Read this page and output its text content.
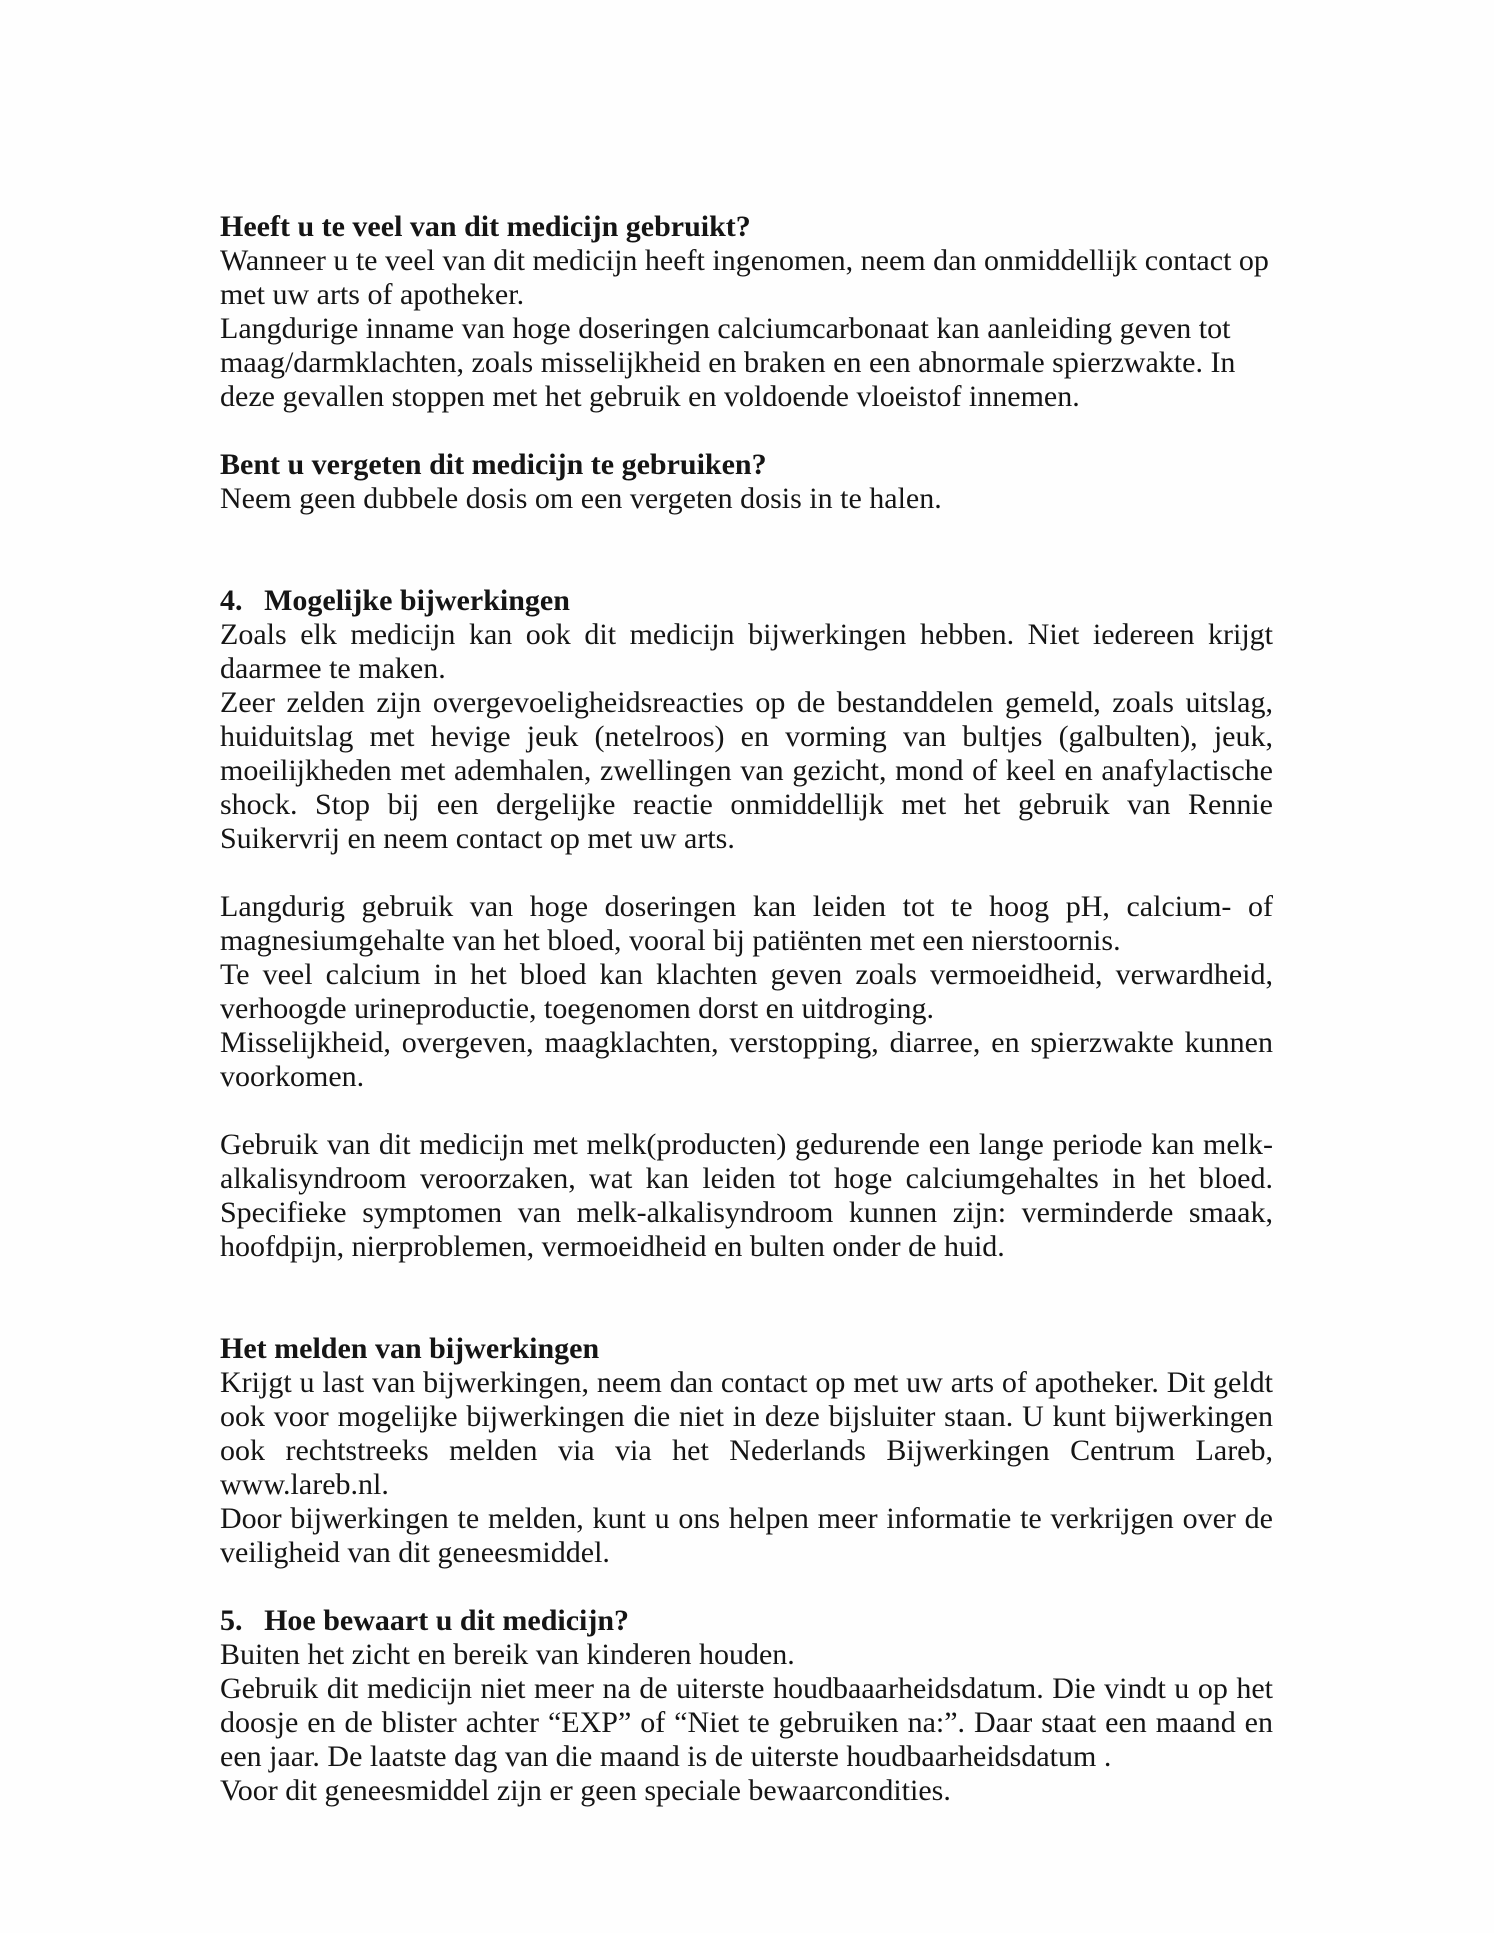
Heeft u te veel van dit medicijn gebruikt?

Wanneer u te veel van dit medicijn heeft ingenomen, neem dan onmiddellijk contact op met uw arts of apotheker.

Langdurige inname van hoge doseringen calciumcarbonaat kan aanleiding geven tot maag/darmklachten, zoals misselijkheid en braken en een abnormale spierzwakte. In deze gevallen stoppen met het gebruik en voldoende vloeistof innemen.

Bent u vergeten dit medicijn te gebruiken?

Neem geen dubbele dosis om een vergeten dosis in te halen.

4. Mogelijke bijwerkingen

Zoals elk medicijn kan ook dit medicijn bijwerkingen hebben. Niet iedereen krijgt daarmee te maken.

Zeer zelden zijn overgevoeligheidsreacties op de bestanddelen gemeld, zoals uitslag, huiduitslag met hevige jeuk (netelroos) en vorming van bultjes (galbulten), jeuk, moeilijkheden met ademhalen, zwellingen van gezicht, mond of keel en anafylactische shock. Stop bij een dergelijke reactie onmiddellijk met het gebruik van Rennie Suikervrij en neem contact op met uw arts.

Langdurig gebruik van hoge doseringen kan leiden tot te hoog pH, calcium- of magnesiumgehalte van het bloed, vooral bij patiënten met een nierstoornis.

Te veel calcium in het bloed kan klachten geven zoals vermoeidheid, verwardheid, verhoogde urineproductie, toegenomen dorst en uitdroging.

Misselijkheid, overgeven, maagklachten, verstopping, diarree, en spierzwakte kunnen voorkomen.

Gebruik van dit medicijn met melk(producten) gedurende een lange periode kan melk-alkalisyndroom veroorzaken, wat kan leiden tot hoge calciumgehaltes in het bloed. Specifieke symptomen van melk-alkalisyndroom kunnen zijn: verminderde smaak, hoofdpijn, nierproblemen, vermoeidheid en bulten onder de huid.

Het melden van bijwerkingen

Krijgt u last van bijwerkingen, neem dan contact op met uw arts of apotheker. Dit geldt ook voor mogelijke bijwerkingen die niet in deze bijsluiter staan. U kunt bijwerkingen ook rechtstreeks melden via via het Nederlands Bijwerkingen Centrum Lareb, www.lareb.nl.

Door bijwerkingen te melden, kunt u ons helpen meer informatie te verkrijgen over de veiligheid van dit geneesmiddel.

5. Hoe bewaart u dit medicijn?

Buiten het zicht en bereik van kinderen houden.

Gebruik dit medicijn niet meer na de uiterste houdbaaarheidsdatum. Die vindt u op het doosje en de blister achter “EXP” of “Niet te gebruiken na:”. Daar staat een maand en een jaar. De laatste dag van die maand is de uiterste houdbaarheidsdatum .

Voor dit geneesmiddel zijn er geen speciale bewaarcondities.
